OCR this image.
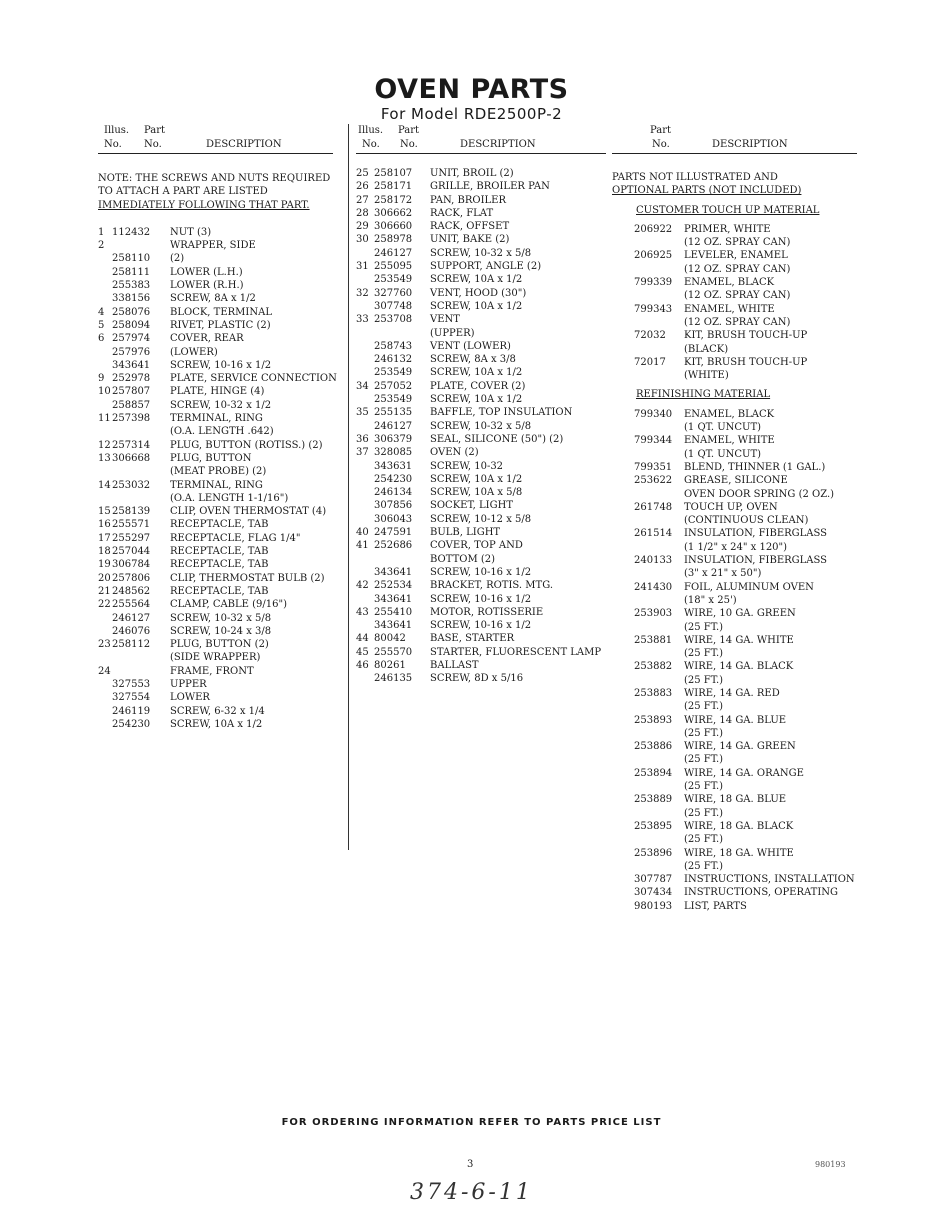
OVEN PARTS
For Model RDE2500P-2
Illus. Part
No. No.	DESCRIPTION
NOTE: THE SCREWS AND NUTS REQUIRED
TO ATTACH A PART ARE LISTED
IMMEDIATELY FOLLOWING THAT PART.
1 112432 NUT (3)
2	WRAPPER, SIDE
258110 (2)
258111 LOWER (L.H.)
255383 LOWER (R.H.)
338156 SCREW, 8A x 1/2
4 258076 BLOCK, TERMINAL
5 258094 RIVET, PLASTIC (2)
6 257974 COVER, REAR
257976 (LOWER)
343641 SCREW, 10-16 x 1/2
9 252978 PLATE, SERVICE CONNECTION
10 257807 PLATE, HINGE (4)
258857 SCREW, 10-32 x 1/2
11 257398 TERMINAL, RING
(O.A. LENGTH .642)
12 257314 PLUG, BUTTON (ROTISS.) (2)
13 306668 PLUG, BUTTON
(MEAT PROBE) (2)
14 253032 TERMINAL, RING
(O.A. LENGTH 1-1/16")
15 258139 CLIP, OVEN THERMOSTAT (4)
16 255571 RECEPTACLE, TAB
17 255297 RECEPTACLE, FLAG 1/4"
18 257044 RECEPTACLE, TAB
19 306784 RECEPTACLE, TAB
20 257806 CLIP, THERMOSTAT BULB (2)
21 248562 RECEPTACLE, TAB
22 255564 CLAMP, CABLE (9/16")
246127 SCREW, 10-32 x 5/8
246076 SCREW, 10-24 x 3/8
23 258112 PLUG, BUTTON (2)
(SIDE WRAPPER)
24	FRAME, FRONT
327553 UPPER
327554 LOWER
246119 SCREW, 6-32 x 1/4
254230 SCREW, 10A x 1/2
Illus. Part
No. No.	DESCRIPTION
25 258107 UNIT, BROIL (2)
26 258171 GRILLE, BROILER PAN
27 258172 PAN, BROILER
28 306662 RACK, FLAT
29 306660 RACK, OFFSET
30 258978 UNIT, BAKE (2)
246127 SCREW, 10-32 x 5/8
31 255095 SUPPORT, ANGLE (2)
253549 SCREW, 10A x 1/2
32 327760 VENT, HOOD (30")
307748 SCREW, 10A x 1/2
33 253708 VENT
(UPPER)
258743 VENT (LOWER)
246132 SCREW, 8A x 3/8
253549 SCREW, 10A x 1/2
34 257052 PLATE, COVER (2)
253549 SCREW, 10A x 1/2
35 255135 BAFFLE, TOP INSULATION
246127 SCREW, 10-32 x 5/8
36 306379 SEAL, SILICONE (50") (2)
37 328085 OVEN (2)
343631 SCREW, 10-32
254230 SCREW, 10A x 1/2
246134 SCREW, 10A x 5/8
307856 SOCKET, LIGHT
306043 SCREW, 10-12 x 5/8
40 247591 BULB, LIGHT
41 252686 COVER, TOP AND
BOTTOM (2)
343641 SCREW, 10-16 x 1/2
42 252534 BRACKET, ROTIS. MTG.
343641 SCREW, 10-16 x 1/2
43 255410 MOTOR, ROTISSERIE
343641 SCREW, 10-16 x 1/2
44 80042 BASE, STARTER
45 255570 STARTER, FLUORESCENT LAMP
46 80261 BALLAST
246135 SCREW, 8D x 5/16
Part
No.	DESCRIPTION
PARTS NOT ILLUSTRATED AND
OPTIONAL PARTS (NOT INCLUDED)
CUSTOMER TOUCH UP MATERIAL
206922 PRIMER, WHITE
(12 OZ. SPRAY CAN)
206925 LEVELER, ENAMEL
(12 OZ. SPRAY CAN)
799339 ENAMEL, BLACK
(12 OZ. SPRAY CAN)
799343 ENAMEL, WHITE
(12 OZ. SPRAY CAN)
72032 KIT, BRUSH TOUCH-UP
(BLACK)
72017 KIT, BRUSH TOUCH-UP
(WHITE)
REFINISHING MATERIAL
799340 ENAMEL, BLACK
(1 QT. UNCUT)
799344 ENAMEL, WHITE
(1 QT. UNCUT)
799351 BLEND, THINNER (1 GAL.)
253622 GREASE, SILICONE
OVEN DOOR SPRING (2 OZ.)
261748 TOUCH UP, OVEN
(CONTINUOUS CLEAN)
261514 INSULATION, FIBERGLASS
(1 1/2" x 24" x 120")
240133 INSULATION, FIBERGLASS
(3" x 21" x 50")
241430 FOIL, ALUMINUM OVEN
(18" x 25')
253903 WIRE, 10 GA. GREEN
(25 FT.)
253881 WIRE, 14 GA. WHITE
(25 FT.)
253882 WIRE, 14 GA. BLACK
(25 FT.)
253883 WIRE, 14 GA. RED
(25 FT.)
253893 WIRE, 14 GA. BLUE
(25 FT.)
253886 WIRE, 14 GA. GREEN
(25 FT.)
253894 WIRE, 14 GA. ORANGE
(25 FT.)
253889 WIRE, 18 GA. BLUE
(25 FT.)
253895 WIRE, 18 GA. BLACK
(25 FT.)
253896 WIRE, 18 GA. WHITE
(25 FT.)
307787 INSTRUCTIONS, INSTALLATION
307434 INSTRUCTIONS, OPERATING
980193 LIST, PARTS
FOR ORDERING INFORMATION REFER TO PARTS PRICE LIST
3	980193
374-6-11
